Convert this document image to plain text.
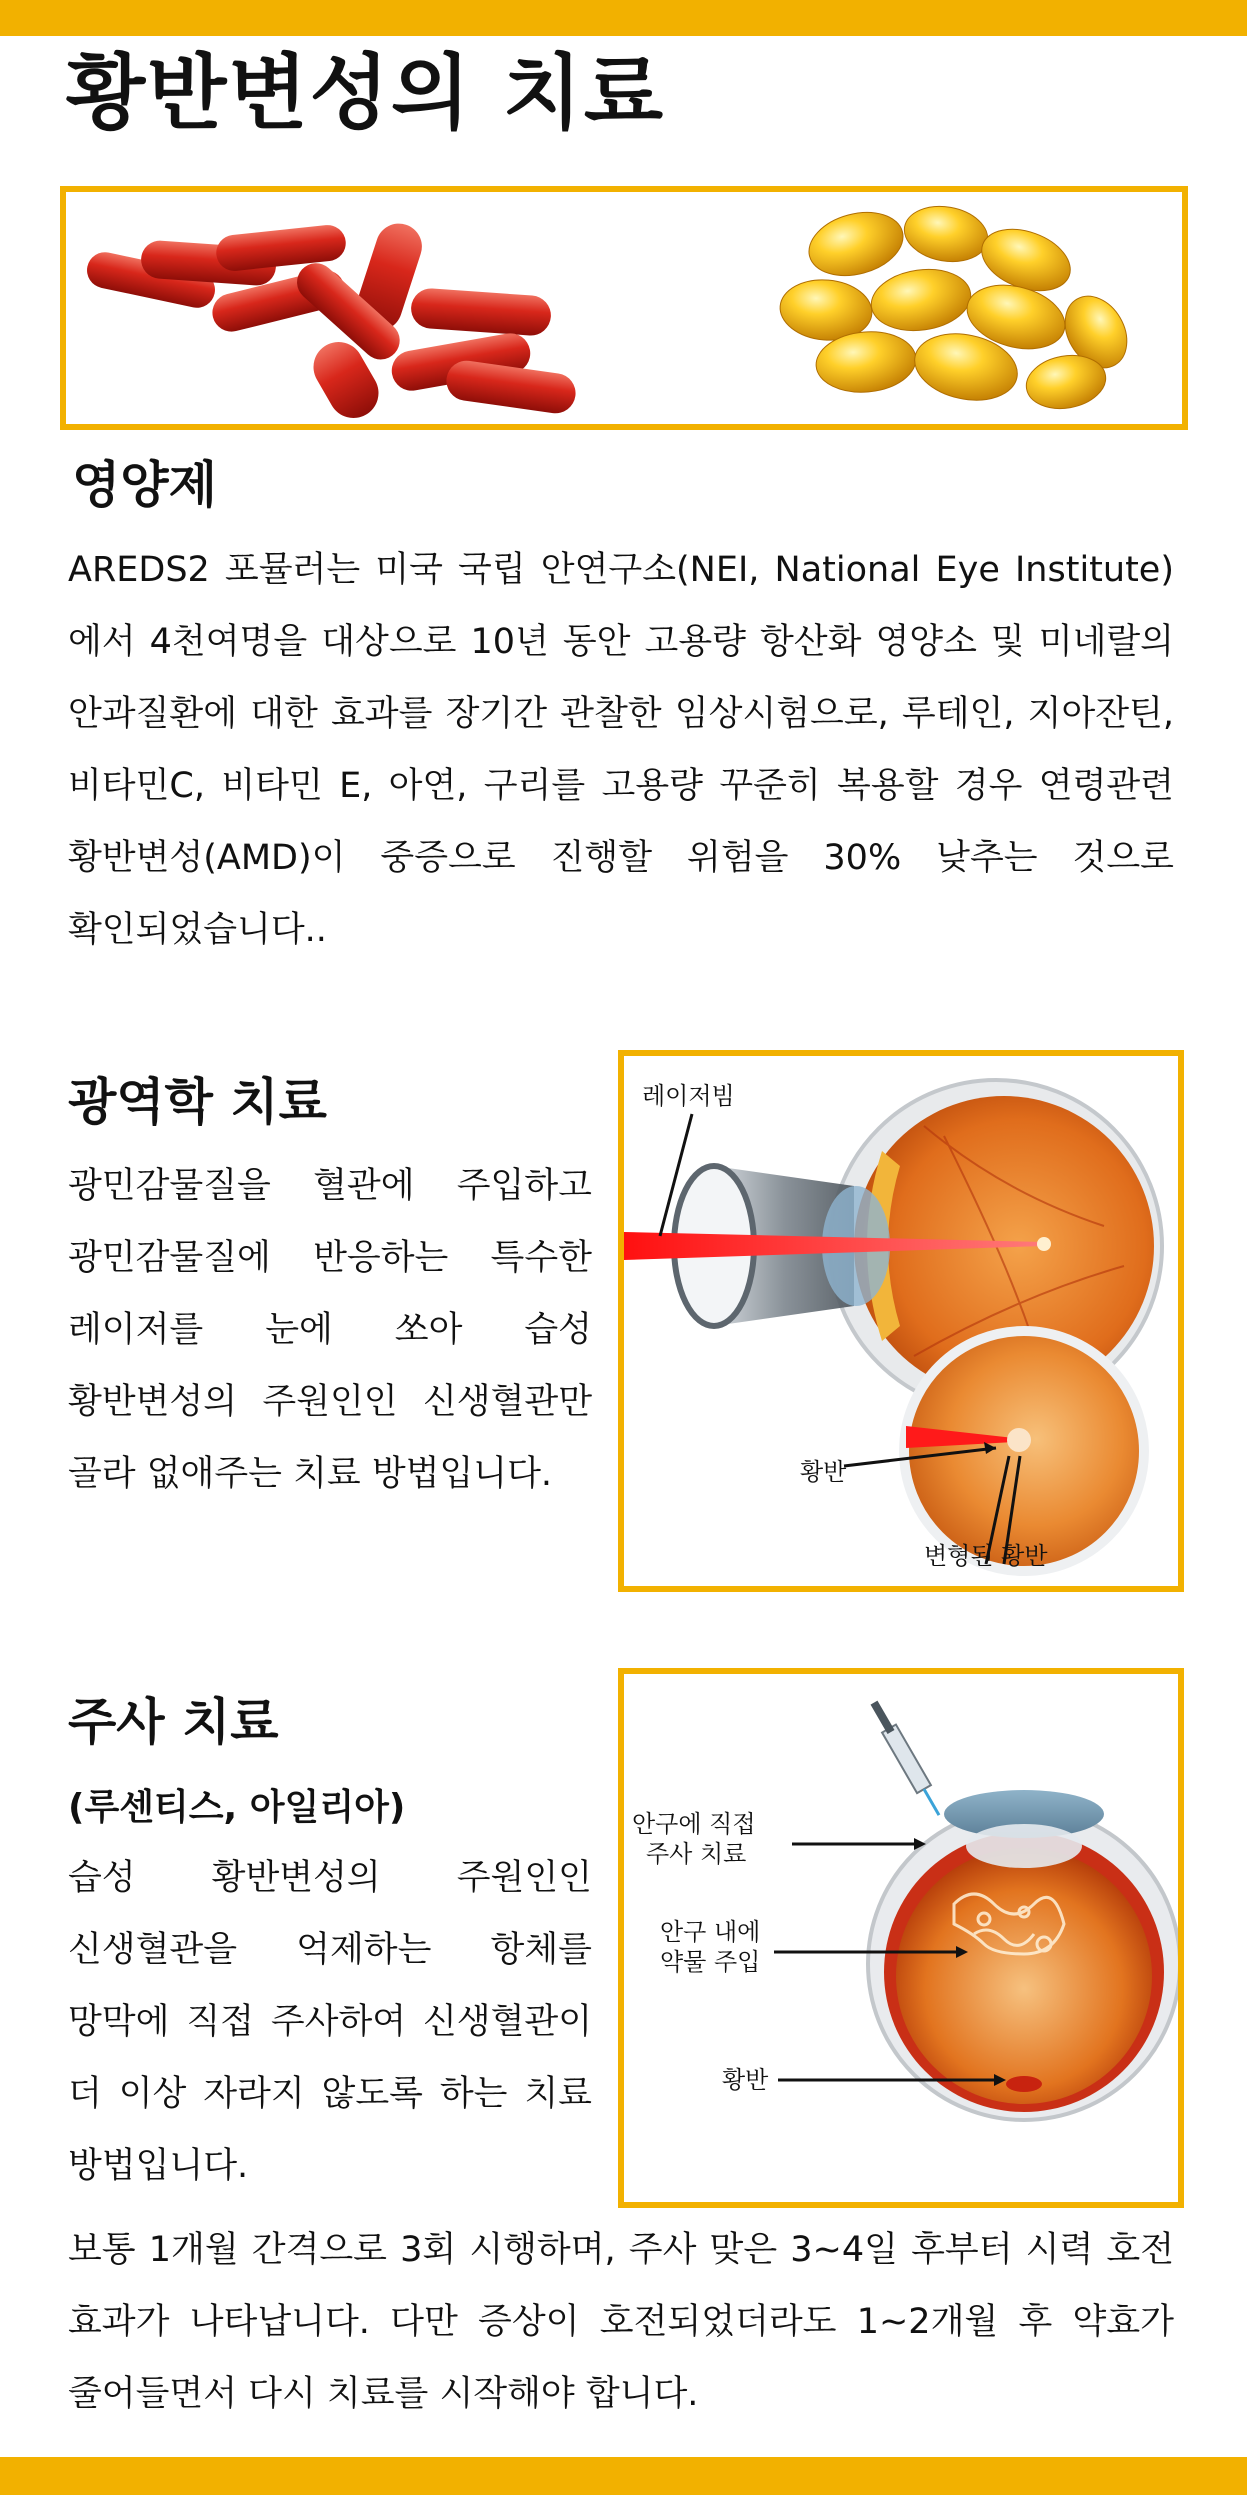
황반변성의 치료
영양제
AREDS2 포뮬러는 미국 국립 안연구소(NEI, National Eye Institute)에서 4천여명을 대상으로 10년 동안 고용량 항산화 영양소 및 미네랄의 안과질환에 대한 효과를 장기간 관찰한 임상시험으로, 루테인, 지아잔틴, 비타민C, 비타민 E, 아연, 구리를 고용량 꾸준히 복용할 경우 연령관련 황반변성(AMD)이 중증으로 진행할 위험을 30% 낮추는 것으로 확인되었습니다..
광역학 치료
광민감물질을 혈관에 주입하고 광민감물질에 반응하는 특수한 레이저를 눈에 쏘아 습성 황반변성의 주원인인 신생혈관만 골라 없애주는 치료 방법입니다.
레이저빔
황반
변형된 황반
주사 치료
(루센티스, 아일리아)
습성 황반변성의 주원인인 신생혈관을 억제하는 항체를 망막에 직접 주사하여 신생혈관이 더 이상 자라지 않도록 하는 치료 방법입니다.
안구에 직접
주사 치료
안구 내에
약물 주입
황반
보통 1개월 간격으로 3회 시행하며, 주사 맞은 3~4일 후부터 시력 호전 효과가 나타납니다. 다만 증상이 호전되었더라도 1~2개월 후 약효가 줄어들면서 다시 치료를 시작해야 합니다.
